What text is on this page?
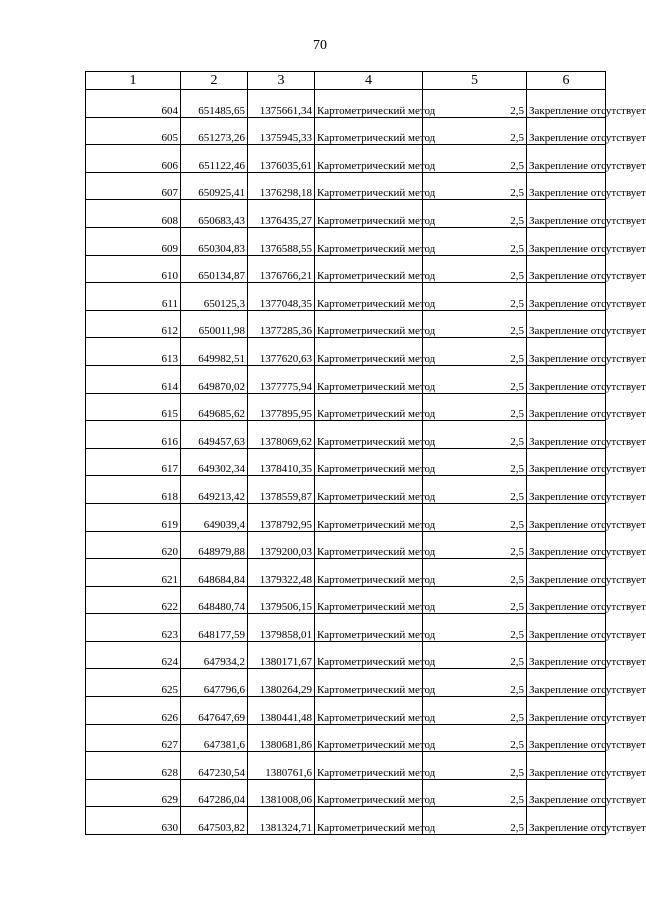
70
1	2	3	4	5	6
604	651485,65	1375661,34	Картометрический метод	2,5	Закрепление отсутствует
605	651273,26	1375945,33	Картометрический метод	2,5	Закрепление отсутствует
606	651122,46	1376035,61	Картометрический метод	2,5	Закрепление отсутствует
607	650925,41	1376298,18	Картометрический метод	2,5	Закрепление отсутствует
608	650683,43	1376435,27	Картометрический метод	2,5	Закрепление отсутствует
609	650304,83	1376588,55	Картометрический метод	2,5	Закрепление отсутствует
610	650134,87	1376766,21	Картометрический метод	2,5	Закрепление отсутствует
611	650125,3	1377048,35	Картометрический метод	2,5	Закрепление отсутствует
612	650011,98	1377285,36	Картометрический метод	2,5	Закрепление отсутствует
613	649982,51	1377620,63	Картометрический метод	2,5	Закрепление отсутствует
614	649870,02	1377775,94	Картометрический метод	2,5	Закрепление отсутствует
615	649685,62	1377895,95	Картометрический метод	2,5	Закрепление отсутствует
616	649457,63	1378069,62	Картометрический метод	2,5	Закрепление отсутствует
617	649302,34	1378410,35	Картометрический метод	2,5	Закрепление отсутствует
618	649213,42	1378559,87	Картометрический метод	2,5	Закрепление отсутствует
619	649039,4	1378792,95	Картометрический метод	2,5	Закрепление отсутствует
620	648979,88	1379200,03	Картометрический метод	2,5	Закрепление отсутствует
621	648684,84	1379322,48	Картометрический метод	2,5	Закрепление отсутствует
622	648480,74	1379506,15	Картометрический метод	2,5	Закрепление отсутствует
623	648177,59	1379858,01	Картометрический метод	2,5	Закрепление отсутствует
624	647934,2	1380171,67	Картометрический метод	2,5	Закрепление отсутствует
625	647796,6	1380264,29	Картометрический метод	2,5	Закрепление отсутствует
626	647647,69	1380441,48	Картометрический метод	2,5	Закрепление отсутствует
627	647381,6	1380681,86	Картометрический метод	2,5	Закрепление отсутствует
628	647230,54	1380761,6	Картометрический метод	2,5	Закрепление отсутствует
629	647286,04	1381008,06	Картометрический метод	2,5	Закрепление отсутствует
630	647503,82	1381324,71	Картометрический метод	2,5	Закрепление отсутствует
